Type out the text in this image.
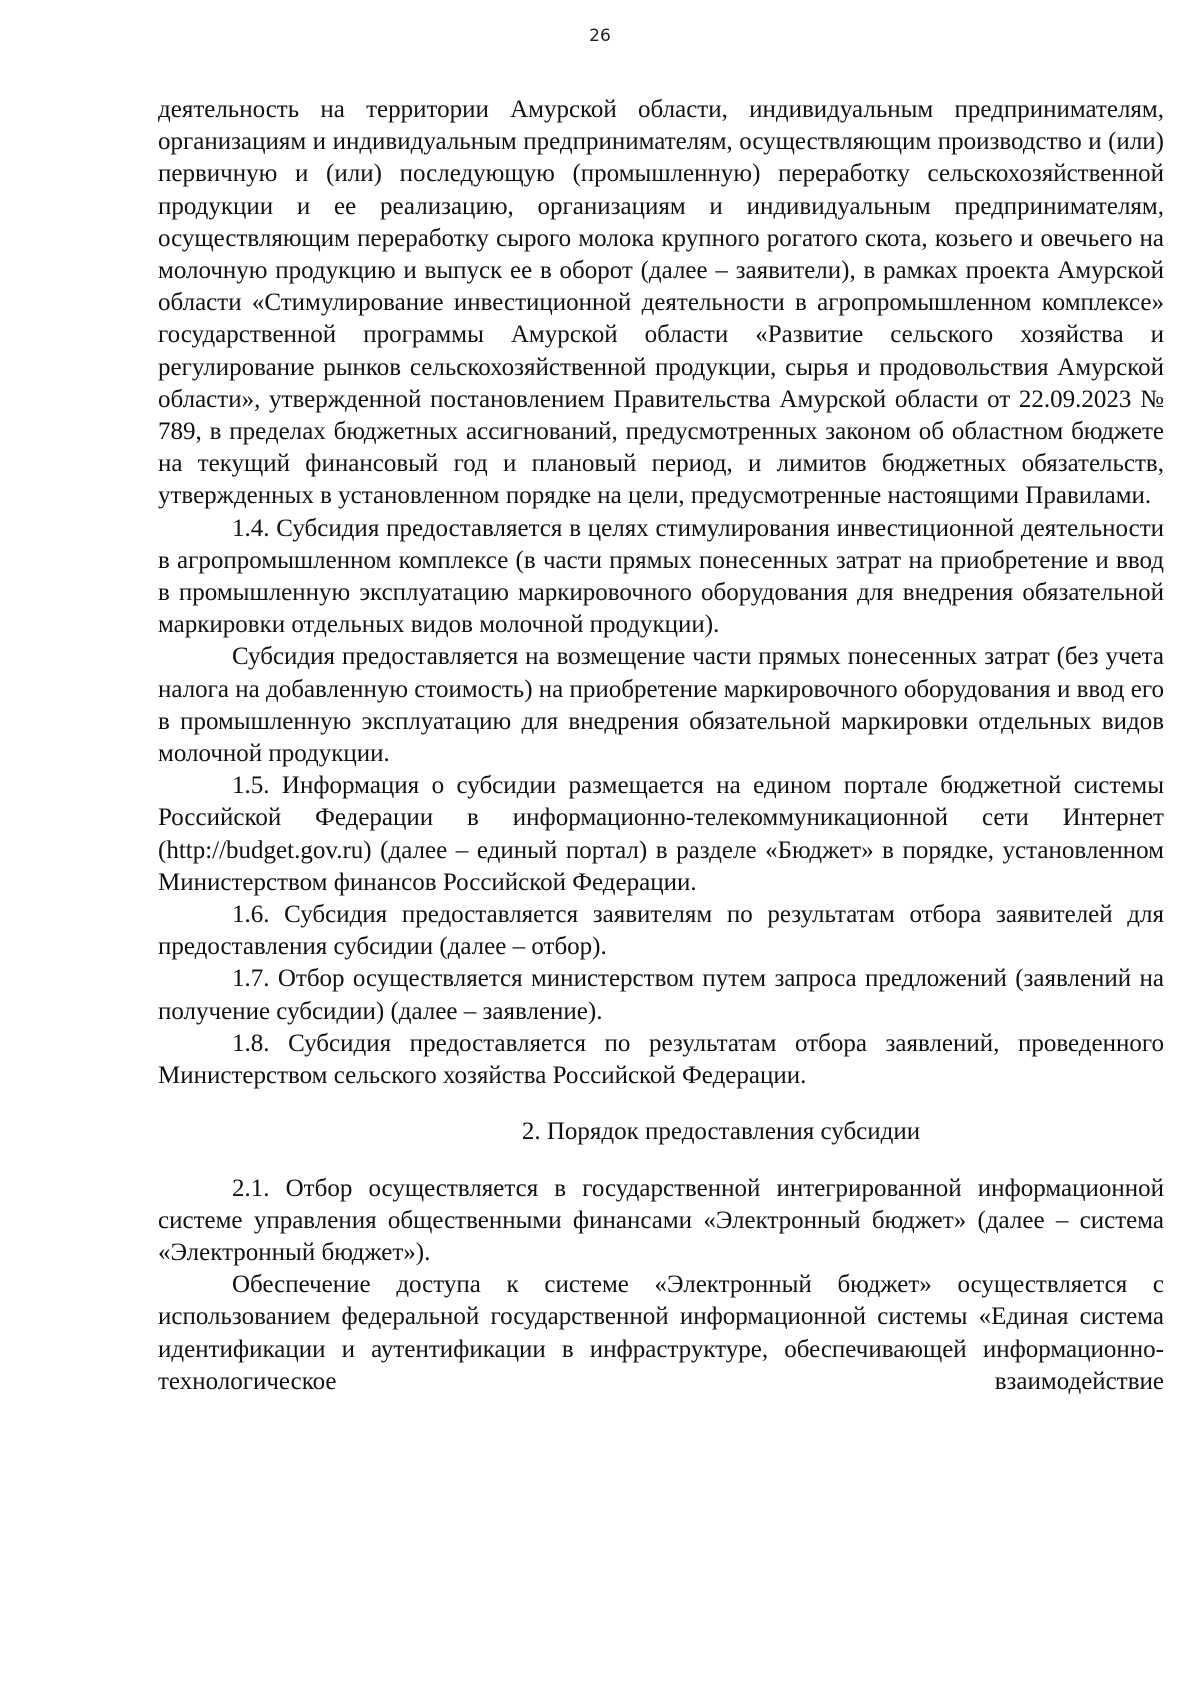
26

деятельность на территории Амурской области, индивидуальным предпринимателям, организациям и индивидуальным предпринимателям, осуществляющим производство и (или) первичную и (или) последующую (промышленную) переработку сельскохозяйственной продукции и ее реализацию, организациям и индивидуальным предпринимателям, осуществляющим переработку сырого молока крупного рогатого скота, козьего и овечьего на молочную продукцию и выпуск ее в оборот (далее – заявители), в рамках проекта Амурской области «Стимулирование инвестиционной деятельности в агропромышленном комплексе» государственной программы Амурской области «Развитие сельского хозяйства и регулирование рынков сельскохозяйственной продукции, сырья и продовольствия Амурской области», утвержденной постановлением Правительства Амурской области от 22.09.2023 № 789, в пределах бюджетных ассигнований, предусмотренных законом об областном бюджете на текущий финансовый год и плановый период, и лимитов бюджетных обязательств, утвержденных в установленном порядке на цели, предусмотренные настоящими Правилами.

1.4. Субсидия предоставляется в целях стимулирования инвестиционной деятельности в агропромышленном комплексе (в части прямых понесенных затрат на приобретение и ввод в промышленную эксплуатацию маркировочного оборудования для внедрения обязательной маркировки отдельных видов молочной продукции).

Субсидия предоставляется на возмещение части прямых понесенных затрат (без учета налога на добавленную стоимость) на приобретение маркировочного оборудования и ввод его в промышленную эксплуатацию для внедрения обязательной маркировки отдельных видов молочной продукции.

1.5. Информация о субсидии размещается на едином портале бюджетной системы Российской Федерации в информационно-телекоммуникационной сети Интернет (http://budget.gov.ru) (далее – единый портал) в разделе «Бюджет» в порядке, установленном Министерством финансов Российской Федерации.

1.6. Субсидия предоставляется заявителям по результатам отбора заявителей для предоставления субсидии (далее – отбор).

1.7. Отбор осуществляется министерством путем запроса предложений (заявлений на получение субсидии) (далее – заявление).

1.8. Субсидия предоставляется по результатам отбора заявлений, проведенного Министерством сельского хозяйства Российской Федерации.

2. Порядок предоставления субсидии

2.1. Отбор осуществляется в государственной интегрированной информационной системе управления общественными финансами «Электронный бюджет» (далее – система «Электронный бюджет»).

Обеспечение доступа к системе «Электронный бюджет» осуществляется с использованием федеральной государственной информационной системы «Единая система идентификации и аутентификации в инфраструктуре, обеспечивающей информационно-технологическое взаимодействие
